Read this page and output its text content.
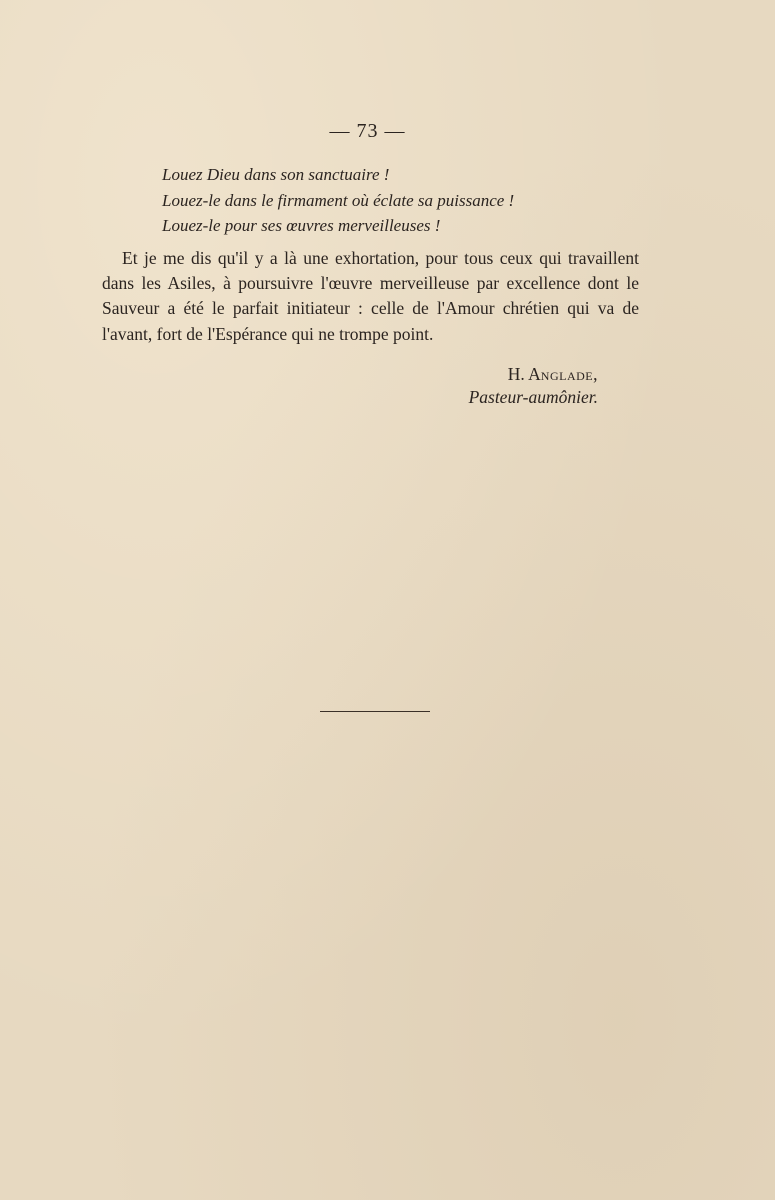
— 73 —
Louez Dieu dans son sanctuaire !
Louez-le dans le firmament où éclate sa puissance !
Louez-le pour ses œuvres merveilleuses !

Et je me dis qu'il y a là une exhortation, pour tous ceux qui travaillent dans les Asiles, à poursuivre l'œuvre merveilleuse par excellence dont le Sauveur a été le parfait initiateur : celle de l'Amour chrétien qui va de l'avant, fort de l'Espérance qui ne trompe point.

H. Anglade,
Pasteur-aumônier.
